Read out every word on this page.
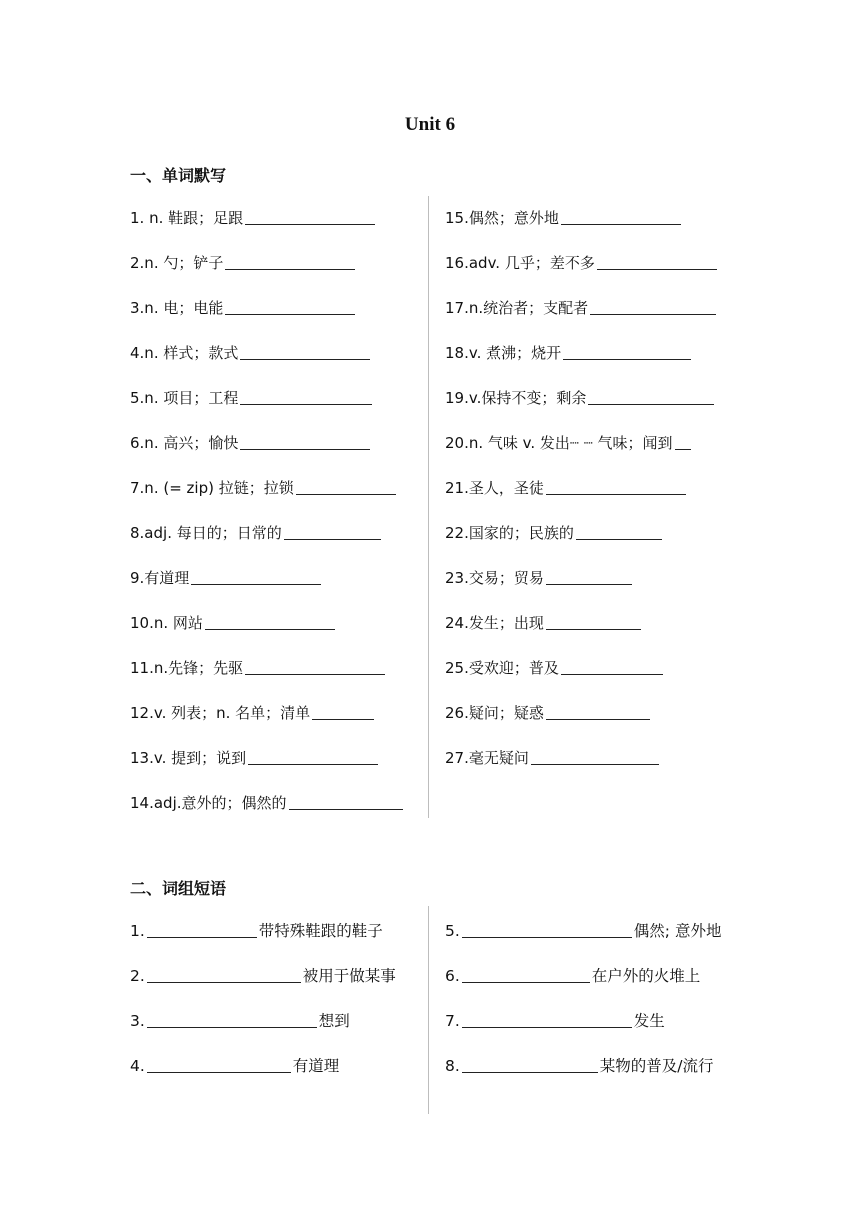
Unit 6
一、单词默写
1. n. 鞋跟；足跟
2.n. 勺；铲子
3.n. 电；电能
4.n. 样式；款式
5.n. 项目；工程
6.n. 高兴；愉快
7.n. (= zip) 拉链；拉锁
8.adj. 每日的；日常的
9.有道理
10.n. 网站
11.n.先锋；先驱
12.v. 列表；n. 名单；清单
13.v. 提到；说到
14.adj.意外的；偶然的
15.偶然；意外地
16.adv. 几乎；差不多
17.n.统治者；支配者
18.v. 煮沸；烧开
19.v.保持不变；剩余
20.n. 气味 v. 发出┈ ┈ 气味；闻到
21.圣人，圣徒
22.国家的；民族的
23.交易；贸易
24.发生；出现
25.受欢迎；普及
26.疑问；疑惑
27.毫无疑问
二、词组短语
1.	带特殊鞋跟的鞋子
2.	被用于做某事
3.	想到
4.	有道理
5.	偶然; 意外地
6.	在户外的火堆上
7.	发生
8.	某物的普及/流行
